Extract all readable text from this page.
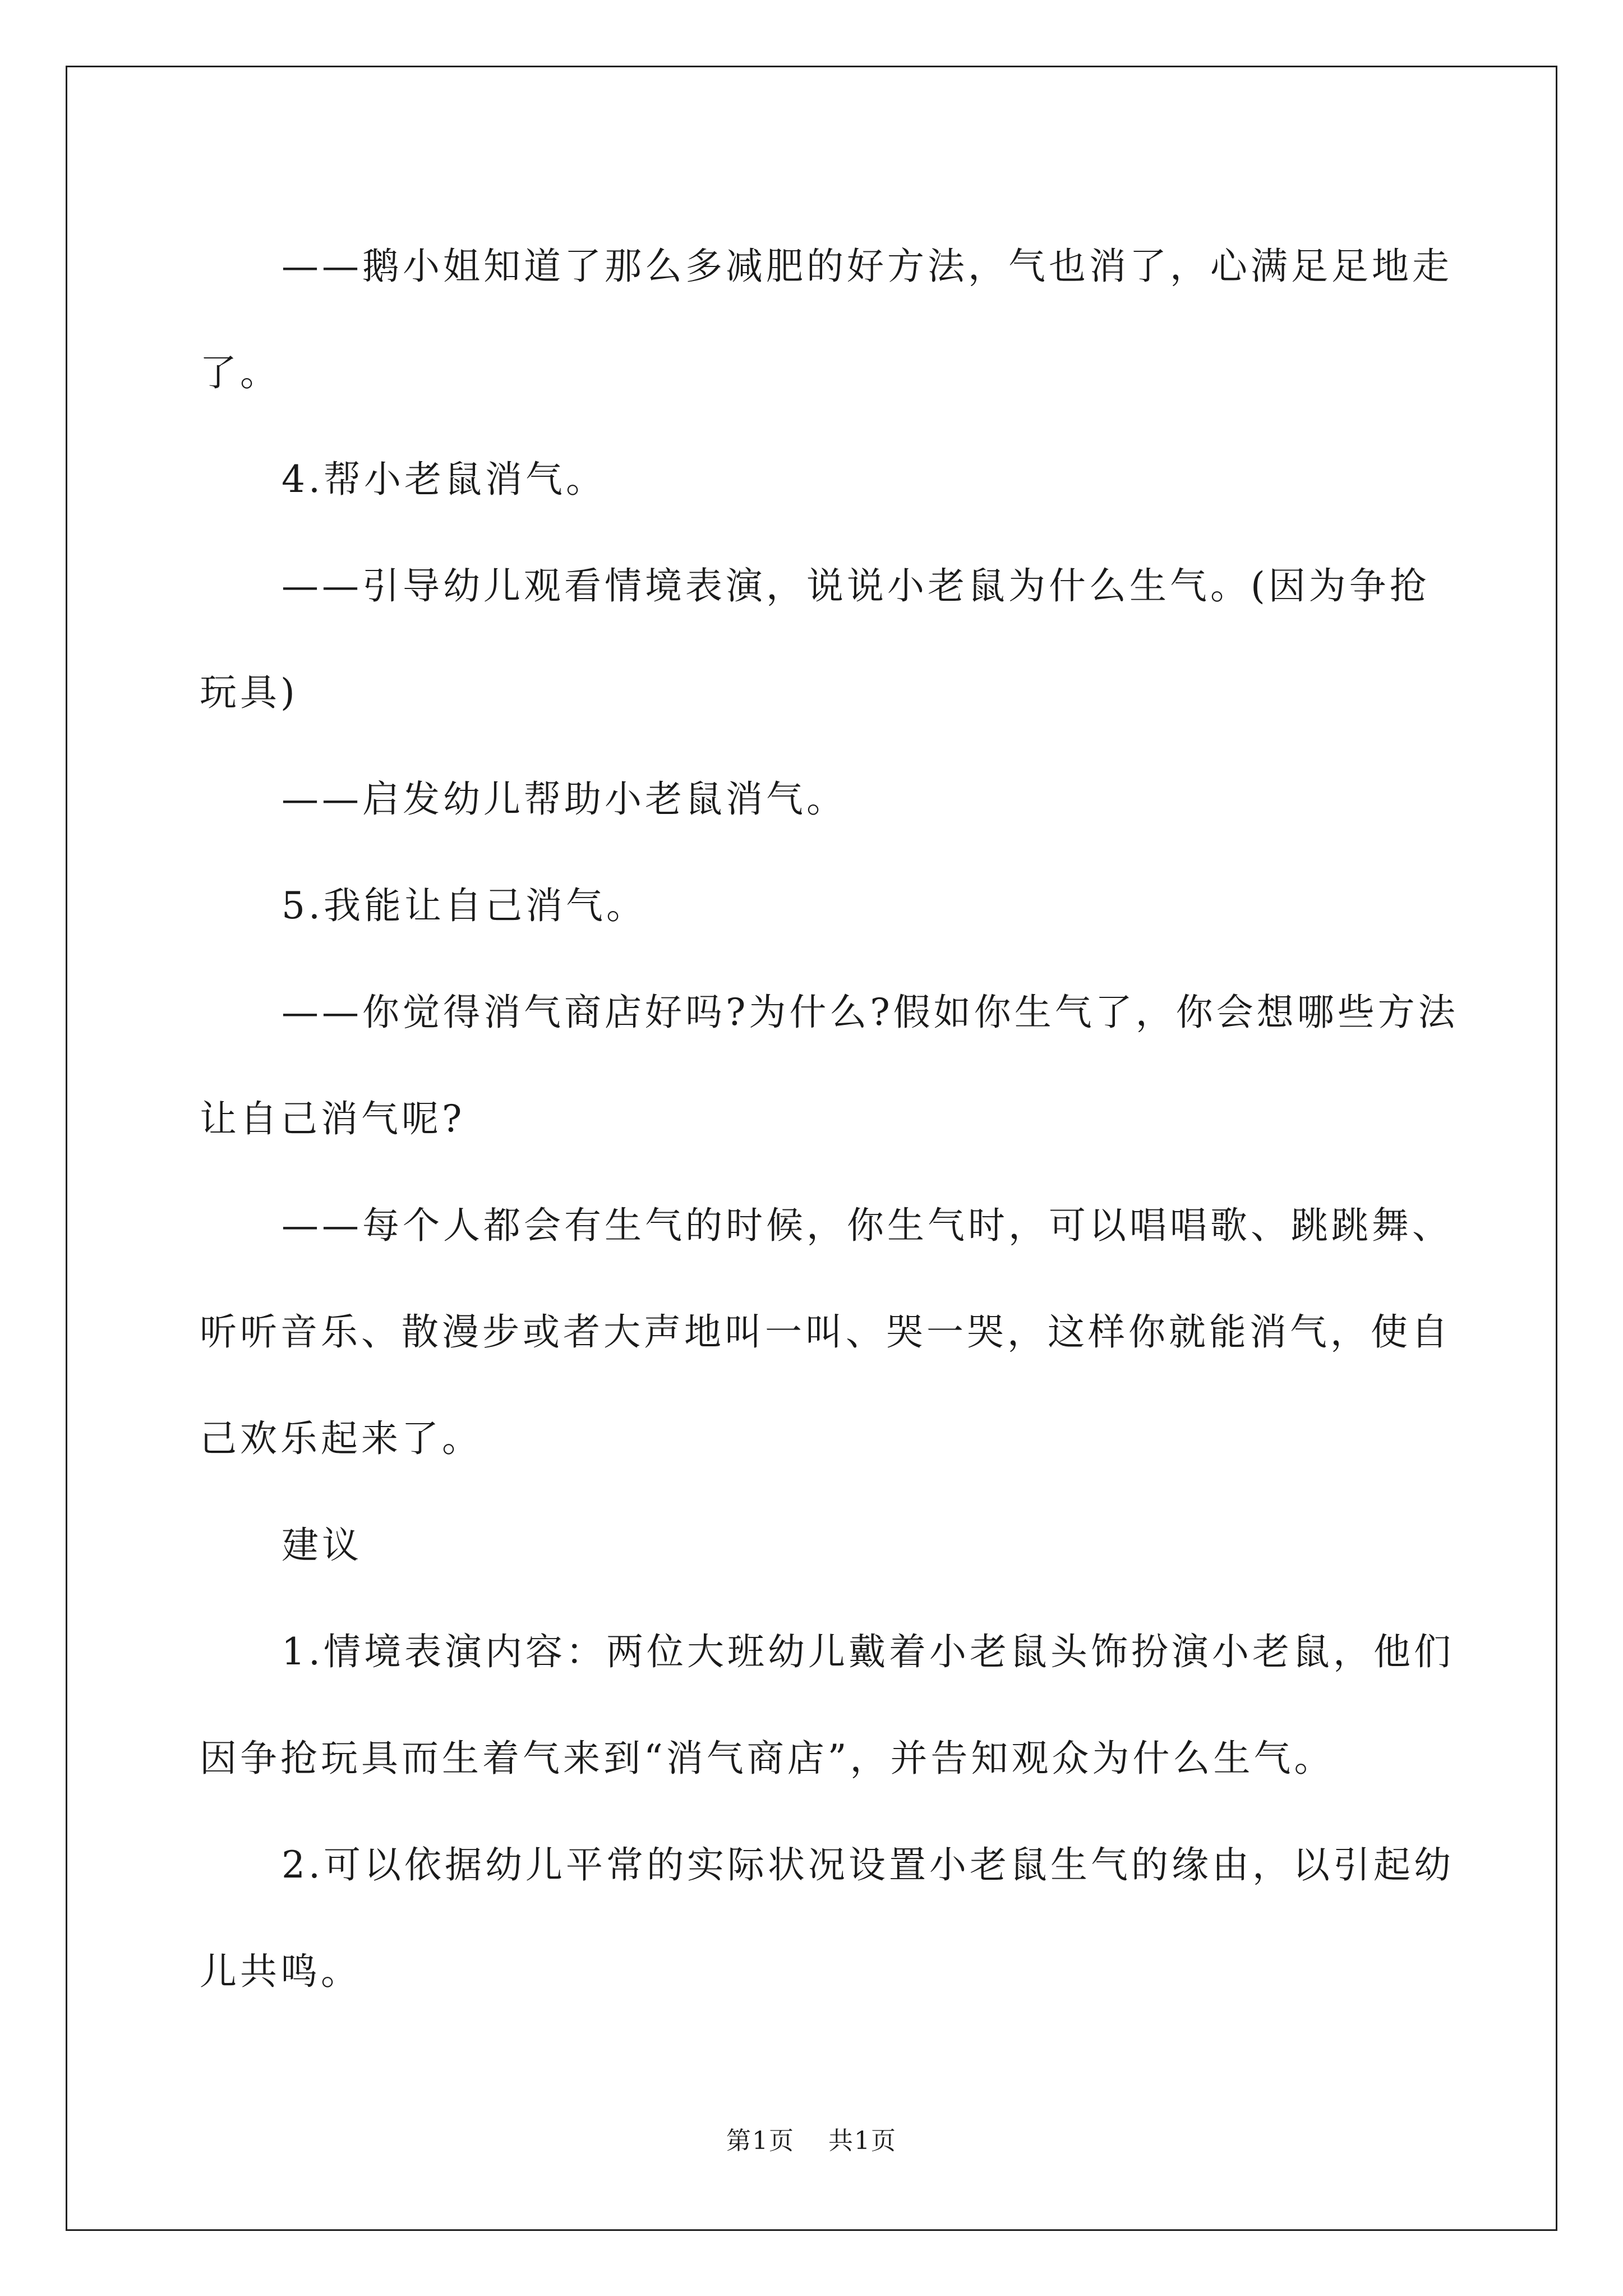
——鹅小姐知道了那么多减肥的好方法，气也消了，心满足足地走了。

4.帮小老鼠消气。

——引导幼儿观看情境表演，说说小老鼠为什么生气。(因为争抢玩具)

——启发幼儿帮助小老鼠消气。

5.我能让自己消气。

——你觉得消气商店好吗?为什么?假如你生气了，你会想哪些方法让自己消气呢?

——每个人都会有生气的时候，你生气时，可以唱唱歌、跳跳舞、听听音乐、散漫步或者大声地叫一叫、哭一哭，这样你就能消气，使自己欢乐起来了。

建议

1.情境表演内容：两位大班幼儿戴着小老鼠头饰扮演小老鼠，他们因争抢玩具而生着气来到“消气商店”，并告知观众为什么生气。

2.可以依据幼儿平常的实际状况设置小老鼠生气的缘由，以引起幼儿共鸣。

第1页 共1页
